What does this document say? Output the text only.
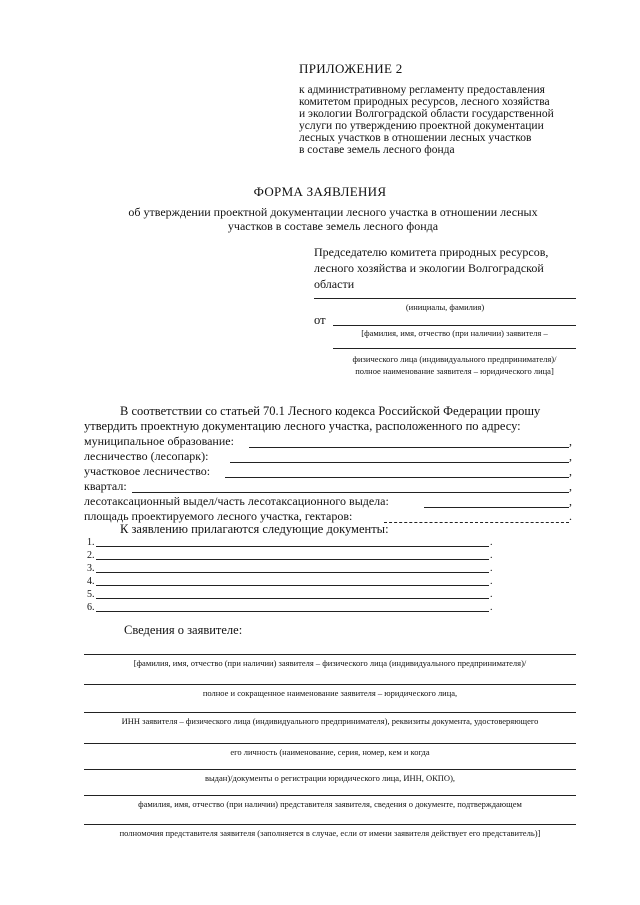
ПРИЛОЖЕНИЕ 2
к административному регламенту предоставления
комитетом природных ресурсов, лесного хозяйства
и экологии Волгоградской области государственной
услуги по утверждению проектной документации
лесных участков в отношении лесных участков
в составе земель лесного фонда
ФОРМА ЗАЯВЛЕНИЯ
об утверждении проектной документации лесного участка в отношении лесных
участков в составе земель лесного фонда
Председателю комитета природных ресурсов,
лесного хозяйства и экологии Волгоградской
области
(инициалы, фамилия)
от
[фамилия, имя, отчество (при наличии) заявителя –
физического лица (индивидуального предпринимателя)/
полное наименование заявителя – юридического лица]
В соответствии со статьей 70.1 Лесного кодекса Российской Федерации прошу
утвердить проектную документацию лесного участка, расположенного по адресу:
муниципальное образование:	,
лесничество (лесопарк):	,
участковое лесничество:	,
квартал:	,
лесотаксационный выдел/часть лесотаксационного выдела:	,
площадь проектируемого лесного участка, гектаров:	.
К заявлению прилагаются следующие документы:
1.	.
2.	.
3.	.
4.	.
5.	.
6.	.
Сведения о заявителе:
[фамилия, имя, отчество (при наличии) заявителя – физического лица (индивидуального предпринимателя)/
полное и сокращенное наименование заявителя – юридического лица,
ИНН заявителя – физического лица (индивидуального предпринимателя), реквизиты документа, удостоверяющего
его личность (наименование, серия, номер, кем и когда
выдан)/документы о регистрации юридического лица, ИНН, ОКПО),
фамилия, имя, отчество (при наличии) представителя заявителя, сведения о документе, подтверждающем
полномочия представителя заявителя (заполняется в случае, если от имени заявителя действует его представитель)]
